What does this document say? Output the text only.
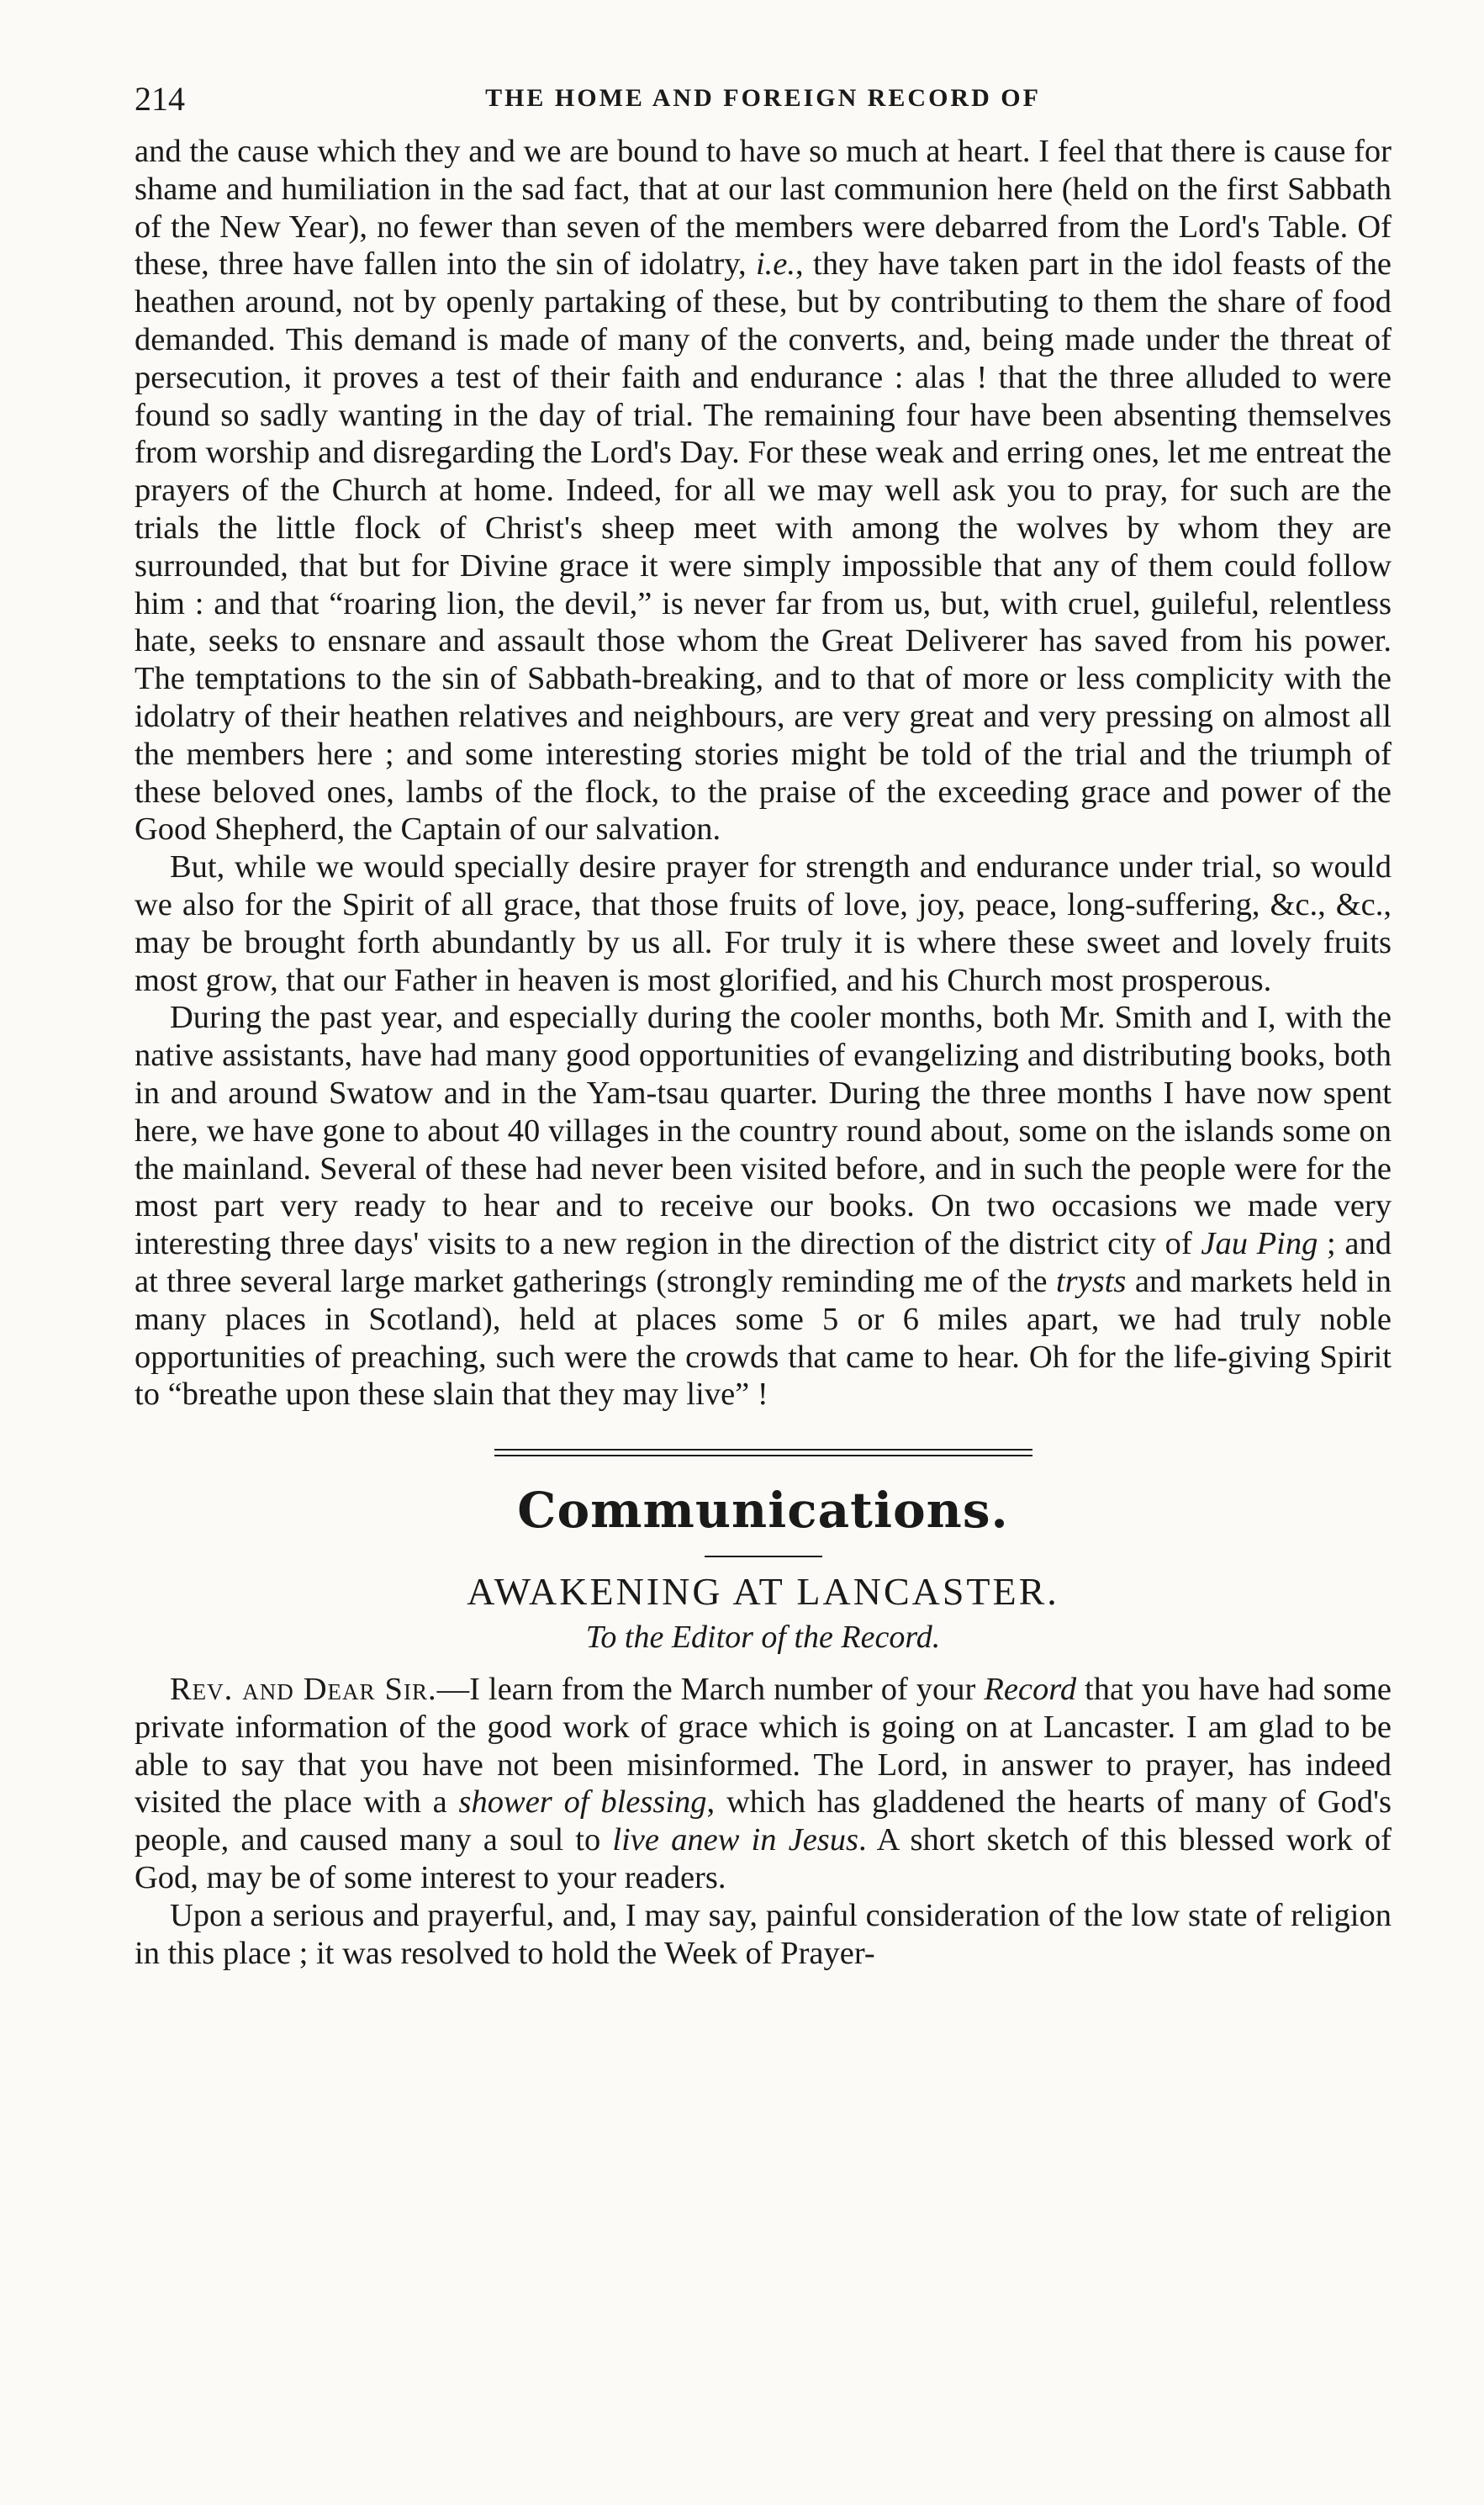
214	THE HOME AND FOREIGN RECORD OF

and the cause which they and we are bound to have so much at heart. I feel that there is cause for shame and humiliation in the sad fact, that at our last communion here (held on the first Sabbath of the New Year), no fewer than seven of the members were debarred from the Lord's Table. Of these, three have fallen into the sin of idolatry, i.e., they have taken part in the idol feasts of the heathen around, not by openly partaking of these, but by contributing to them the share of food demanded. This demand is made of many of the converts, and, being made under the threat of persecution, it proves a test of their faith and endurance : alas ! that the three alluded to were found so sadly wanting in the day of trial. The remaining four have been absenting themselves from worship and disregarding the Lord's Day. For these weak and erring ones, let me entreat the prayers of the Church at home. Indeed, for all we may well ask you to pray, for such are the trials the little flock of Christ's sheep meet with among the wolves by whom they are surrounded, that but for Divine grace it were simply impossible that any of them could follow him : and that “roaring lion, the devil,” is never far from us, but, with cruel, guileful, relentless hate, seeks to ensnare and assault those whom the Great Deliverer has saved from his power. The temptations to the sin of Sabbath-breaking, and to that of more or less complicity with the idolatry of their heathen relatives and neighbours, are very great and very pressing on almost all the members here ; and some interesting stories might be told of the trial and the triumph of these beloved ones, lambs of the flock, to the praise of the exceeding grace and power of the Good Shepherd, the Captain of our salvation.

But, while we would specially desire prayer for strength and endurance under trial, so would we also for the Spirit of all grace, that those fruits of love, joy, peace, long-suffering, &c., &c., may be brought forth abundantly by us all. For truly it is where these sweet and lovely fruits most grow, that our Father in heaven is most glorified, and his Church most prosperous.

During the past year, and especially during the cooler months, both Mr. Smith and I, with the native assistants, have had many good opportunities of evangelizing and distributing books, both in and around Swatow and in the Yam-tsau quarter. During the three months I have now spent here, we have gone to about 40 villages in the country round about, some on the islands some on the mainland. Several of these had never been visited before, and in such the people were for the most part very ready to hear and to receive our books. On two occasions we made very interesting three days' visits to a new region in the direction of the district city of Jau Ping ; and at three several large market gatherings (strongly reminding me of the trysts and markets held in many places in Scotland), held at places some 5 or 6 miles apart, we had truly noble opportunities of preaching, such were the crowds that came to hear. Oh for the life-giving Spirit to “breathe upon these slain that they may live” !

Communications.
AWAKENING AT LANCASTER.
To the Editor of the Record.

Rev. and Dear Sir.—I learn from the March number of your Record that you have had some private information of the good work of grace which is going on at Lancaster. I am glad to be able to say that you have not been misinformed. The Lord, in answer to prayer, has indeed visited the place with a shower of blessing, which has gladdened the hearts of many of God's people, and caused many a soul to live anew in Jesus. A short sketch of this blessed work of God, may be of some interest to your readers.

Upon a serious and prayerful, and, I may say, painful consideration of the low state of religion in this place ; it was resolved to hold the Week of Prayer-
